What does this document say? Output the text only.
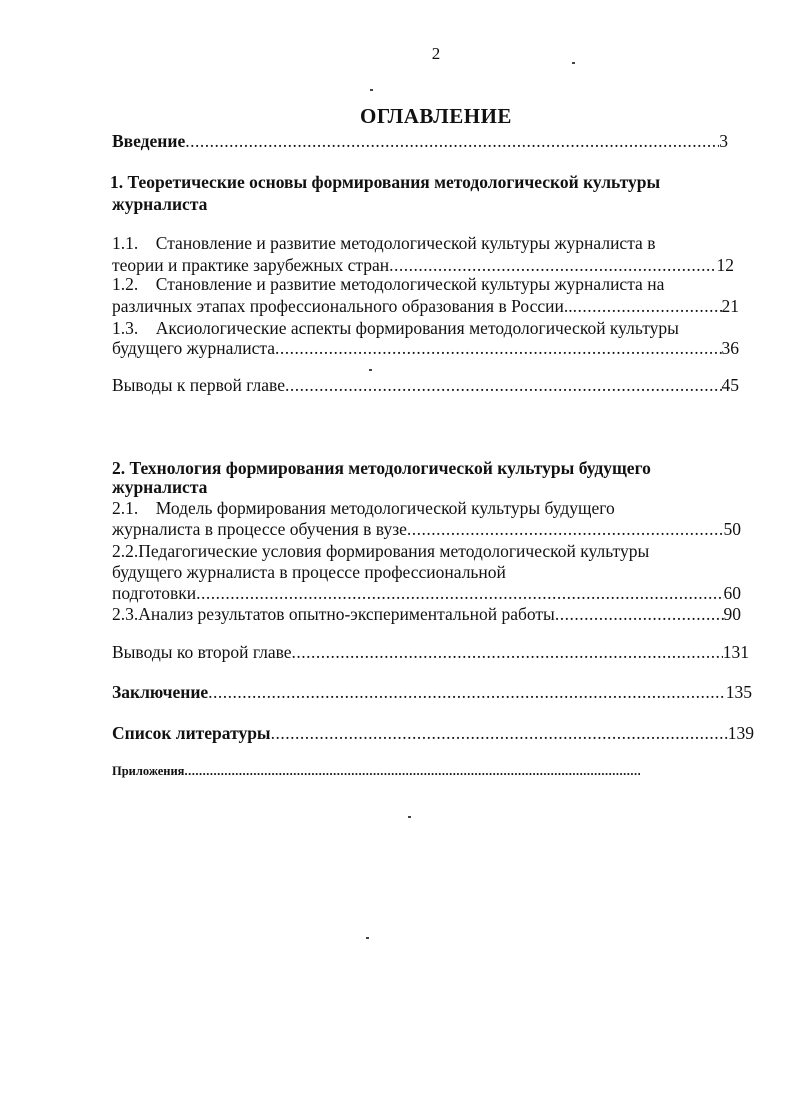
2
ОГЛАВЛЕНИЕ
Введение .....	3
1. Теоретические основы формирования методологической культуры
журналиста
1.1. Становление и развитие методологической культуры журналиста в
теории и практике зарубежных стран .....	12
1.2. Становление и развитие методологической культуры журналиста на
различных этапах профессионального образования в России.. .....	21
1.3. Аксиологические аспекты формирования методологической культуры
будущего журналиста .....	36
Выводы к первой главе .....	45
2. Технология формирования методологической культуры будущего
журналиста
2.1. Модель формирования методологической культуры будущего
журналиста в процессе обучения в вузе .....	50
2.2.Педагогические условия формирования методологической культуры
будущего журналиста в процессе профессиональной
подготовки .....	60
2.3.Анализ результатов опытно-экспериментальной работы .....	90
Выводы ко второй главе .....	131
Заключение .....	135
Список литературы .....	139
Приложения
.....
